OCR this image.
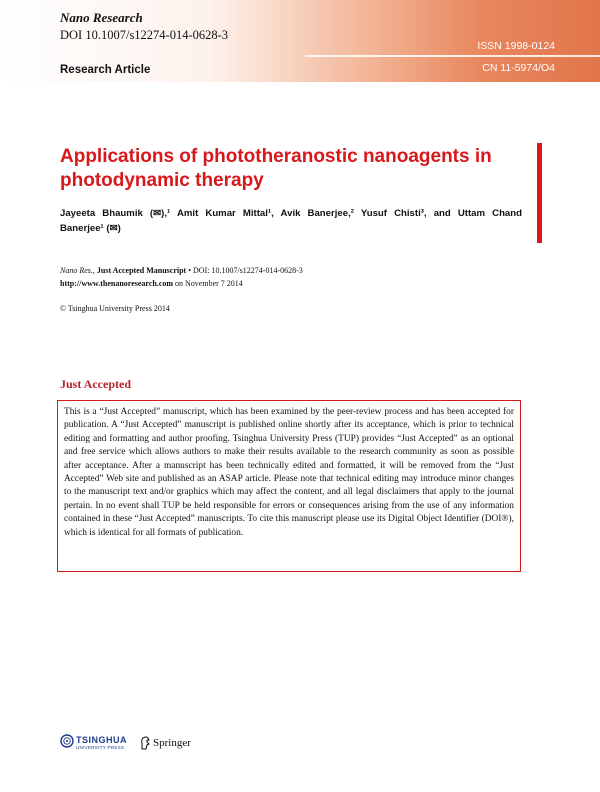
Nano Research
DOI 10.1007/s12274-014-0628-3
Research Article
ISSN 1998-0124
CN 11-5974/O4
Applications of phototheranostic nanoagents in photodynamic therapy
Jayeeta Bhaumik (✉),¹ Amit Kumar Mittal¹, Avik Banerjee,² Yusuf Chisti³, and Uttam Chand
Banerjee¹ (✉)
Nano Res., Just Accepted Manuscript • DOI: 10.1007/s12274-014-0628-3
http://www.thenanoresearch.com on November 7 2014
© Tsinghua University Press 2014
Just Accepted

This is a “Just Accepted” manuscript, which has been examined by the peer-review process and has been accepted for publication. A “Just Accepted” manuscript is published online shortly after its acceptance, which is prior to technical editing and formatting and author proofing. Tsinghua University Press (TUP) provides “Just Accepted” as an optional and free service which allows authors to make their results available to the research community as soon as possible after acceptance. After a manuscript has been technically edited and formatted, it will be removed from the “Just Accepted” Web site and published as an ASAP article. Please note that technical editing may introduce minor changes to the manuscript text and/or graphics which may affect the content, and all legal disclaimers that apply to the journal pertain. In no event shall TUP be held responsible for errors or consequences arising from the use of any information contained in these “Just Accepted” manuscripts. To cite this manuscript please use its Digital Object Identifier (DOI®), which is identical for all formats of publication.

TSINGHUA
UNIVERSITY PRESS	Springer
